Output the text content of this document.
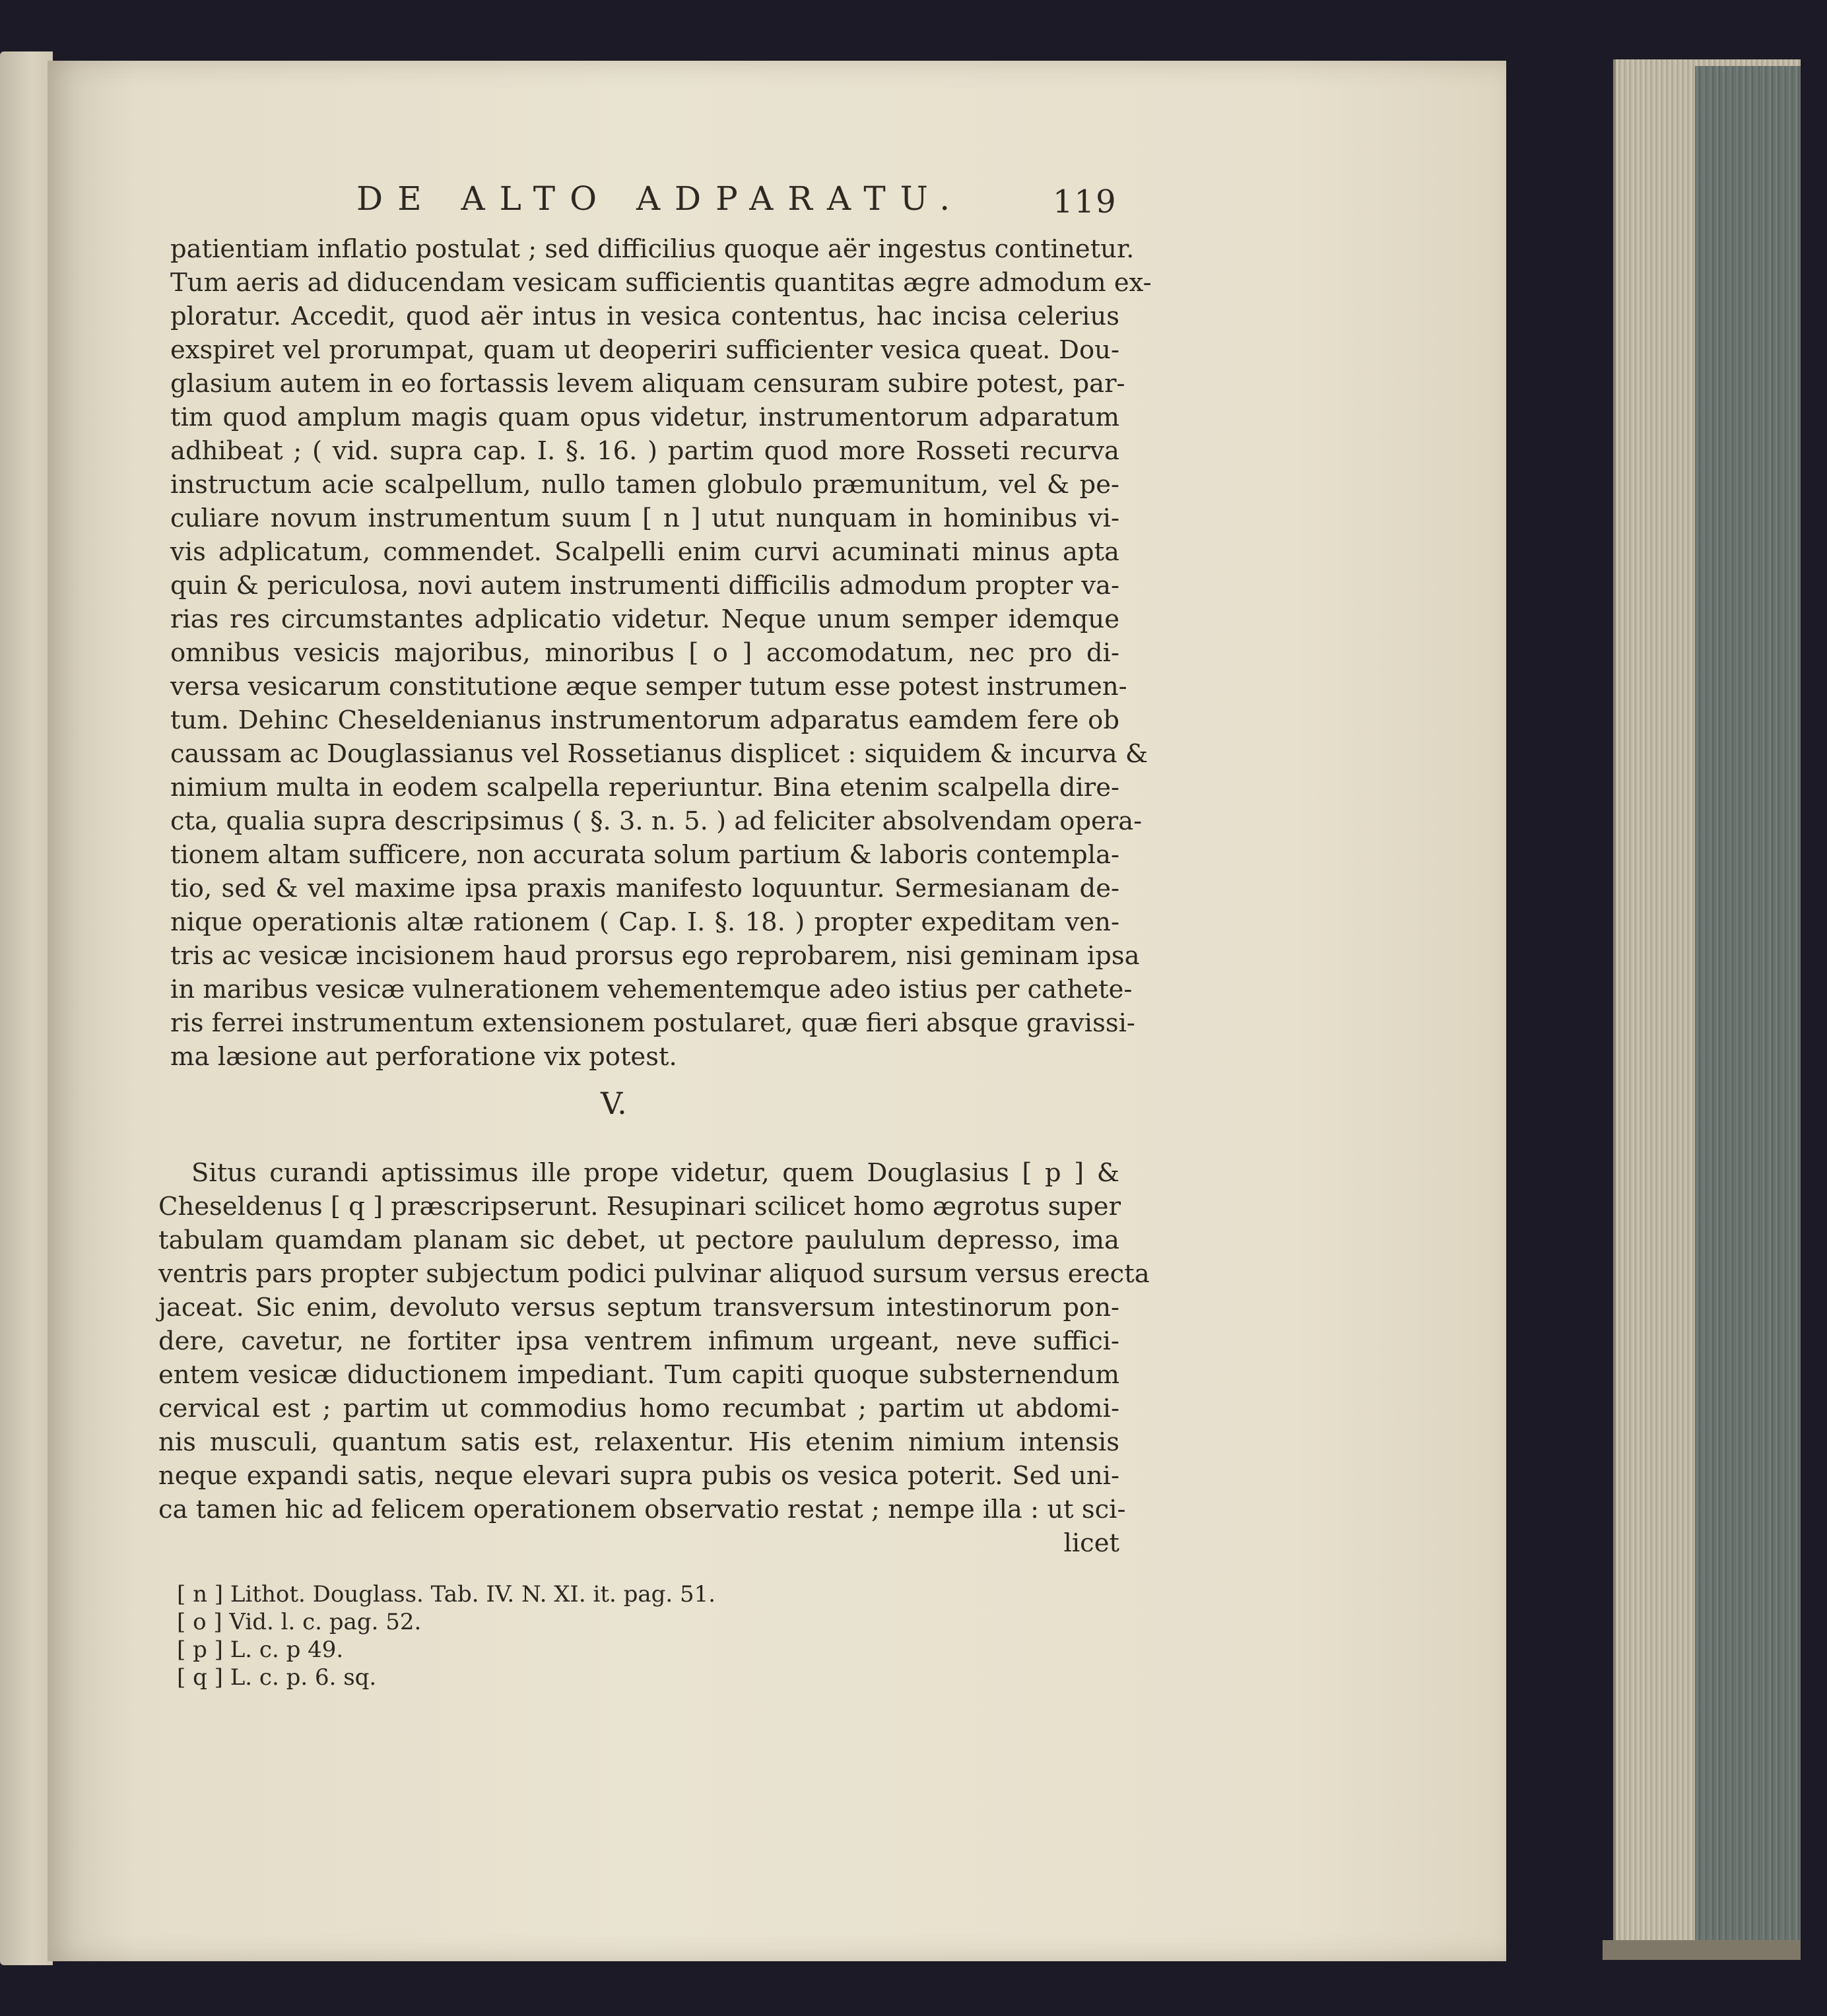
DE ALTO ADPARATU.	119
patientiam inflatio postulat ; sed difficilius quoque aër ingestus continetur.
Tum aeris ad diducendam vesicam sufficientis quantitas ægre admodum ex-
ploratur. Accedit, quod aër intus in vesica contentus, hac incisa celerius
exspiret vel prorumpat, quam ut deoperiri sufficienter vesica queat. Dou-
glasium autem in eo fortassis levem aliquam censuram subire potest, par-
tim quod amplum magis quam opus videtur, instrumentorum adparatum
adhibeat ; ( vid. supra cap. I. §. 16. ) partim quod more Rosseti recurva
instructum acie scalpellum, nullo tamen globulo præmunitum, vel & pe-
culiare novum instrumentum suum [ n ] utut nunquam in hominibus vi-
vis adplicatum, commendet. Scalpelli enim curvi acuminati minus apta
quin & periculosa, novi autem instrumenti difficilis admodum propter va-
rias res circumstantes adplicatio videtur. Neque unum semper idemque
omnibus vesicis majoribus, minoribus [ o ] accomodatum, nec pro di-
versa vesicarum constitutione æque semper tutum esse potest instrumen-
tum. Dehinc Cheseldenianus instrumentorum adparatus eamdem fere ob
caussam ac Douglassianus vel Rossetianus displicet : siquidem & incurva &
nimium multa in eodem scalpella reperiuntur. Bina etenim scalpella dire-
cta, qualia supra descripsimus ( §. 3. n. 5. ) ad feliciter absolvendam opera-
tionem altam sufficere, non accurata solum partium & laboris contempla-
tio, sed & vel maxime ipsa praxis manifesto loquuntur. Sermesianam de-
nique operationis altæ rationem ( Cap. I. §. 18. ) propter expeditam ven-
tris ac vesicæ incisionem haud prorsus ego reprobarem, nisi geminam ipsa
in maribus vesicæ vulnerationem vehementemque adeo istius per cathete-
ris ferrei instrumentum extensionem postularet, quæ fieri absque gravissi-
ma læsione aut perforatione vix potest.
V.
Situs curandi aptissimus ille prope videtur, quem Douglasius [ p ] &
Cheseldenus [ q ] præscripserunt. Resupinari scilicet homo ægrotus super
tabulam quamdam planam sic debet, ut pectore paululum depresso, ima
ventris pars propter subjectum podici pulvinar aliquod sursum versus erecta
jaceat. Sic enim, devoluto versus septum transversum intestinorum pon-
dere, cavetur, ne fortiter ipsa ventrem infimum urgeant, neve suffici-
entem vesicæ diductionem impediant. Tum capiti quoque substernendum
cervical est ; partim ut commodius homo recumbat ; partim ut abdomi-
nis musculi, quantum satis est, relaxentur. His etenim nimium intensis
neque expandi satis, neque elevari supra pubis os vesica poterit. Sed uni-
ca tamen hic ad felicem operationem observatio restat ; nempe illa : ut sci-
licet
[ n ] Lithot. Douglass. Tab. IV. N. XI. it. pag. 51.
[ o ] Vid. l. c. pag. 52.
[ p ] L. c. p 49.
[ q ] L. c. p. 6. sq.
